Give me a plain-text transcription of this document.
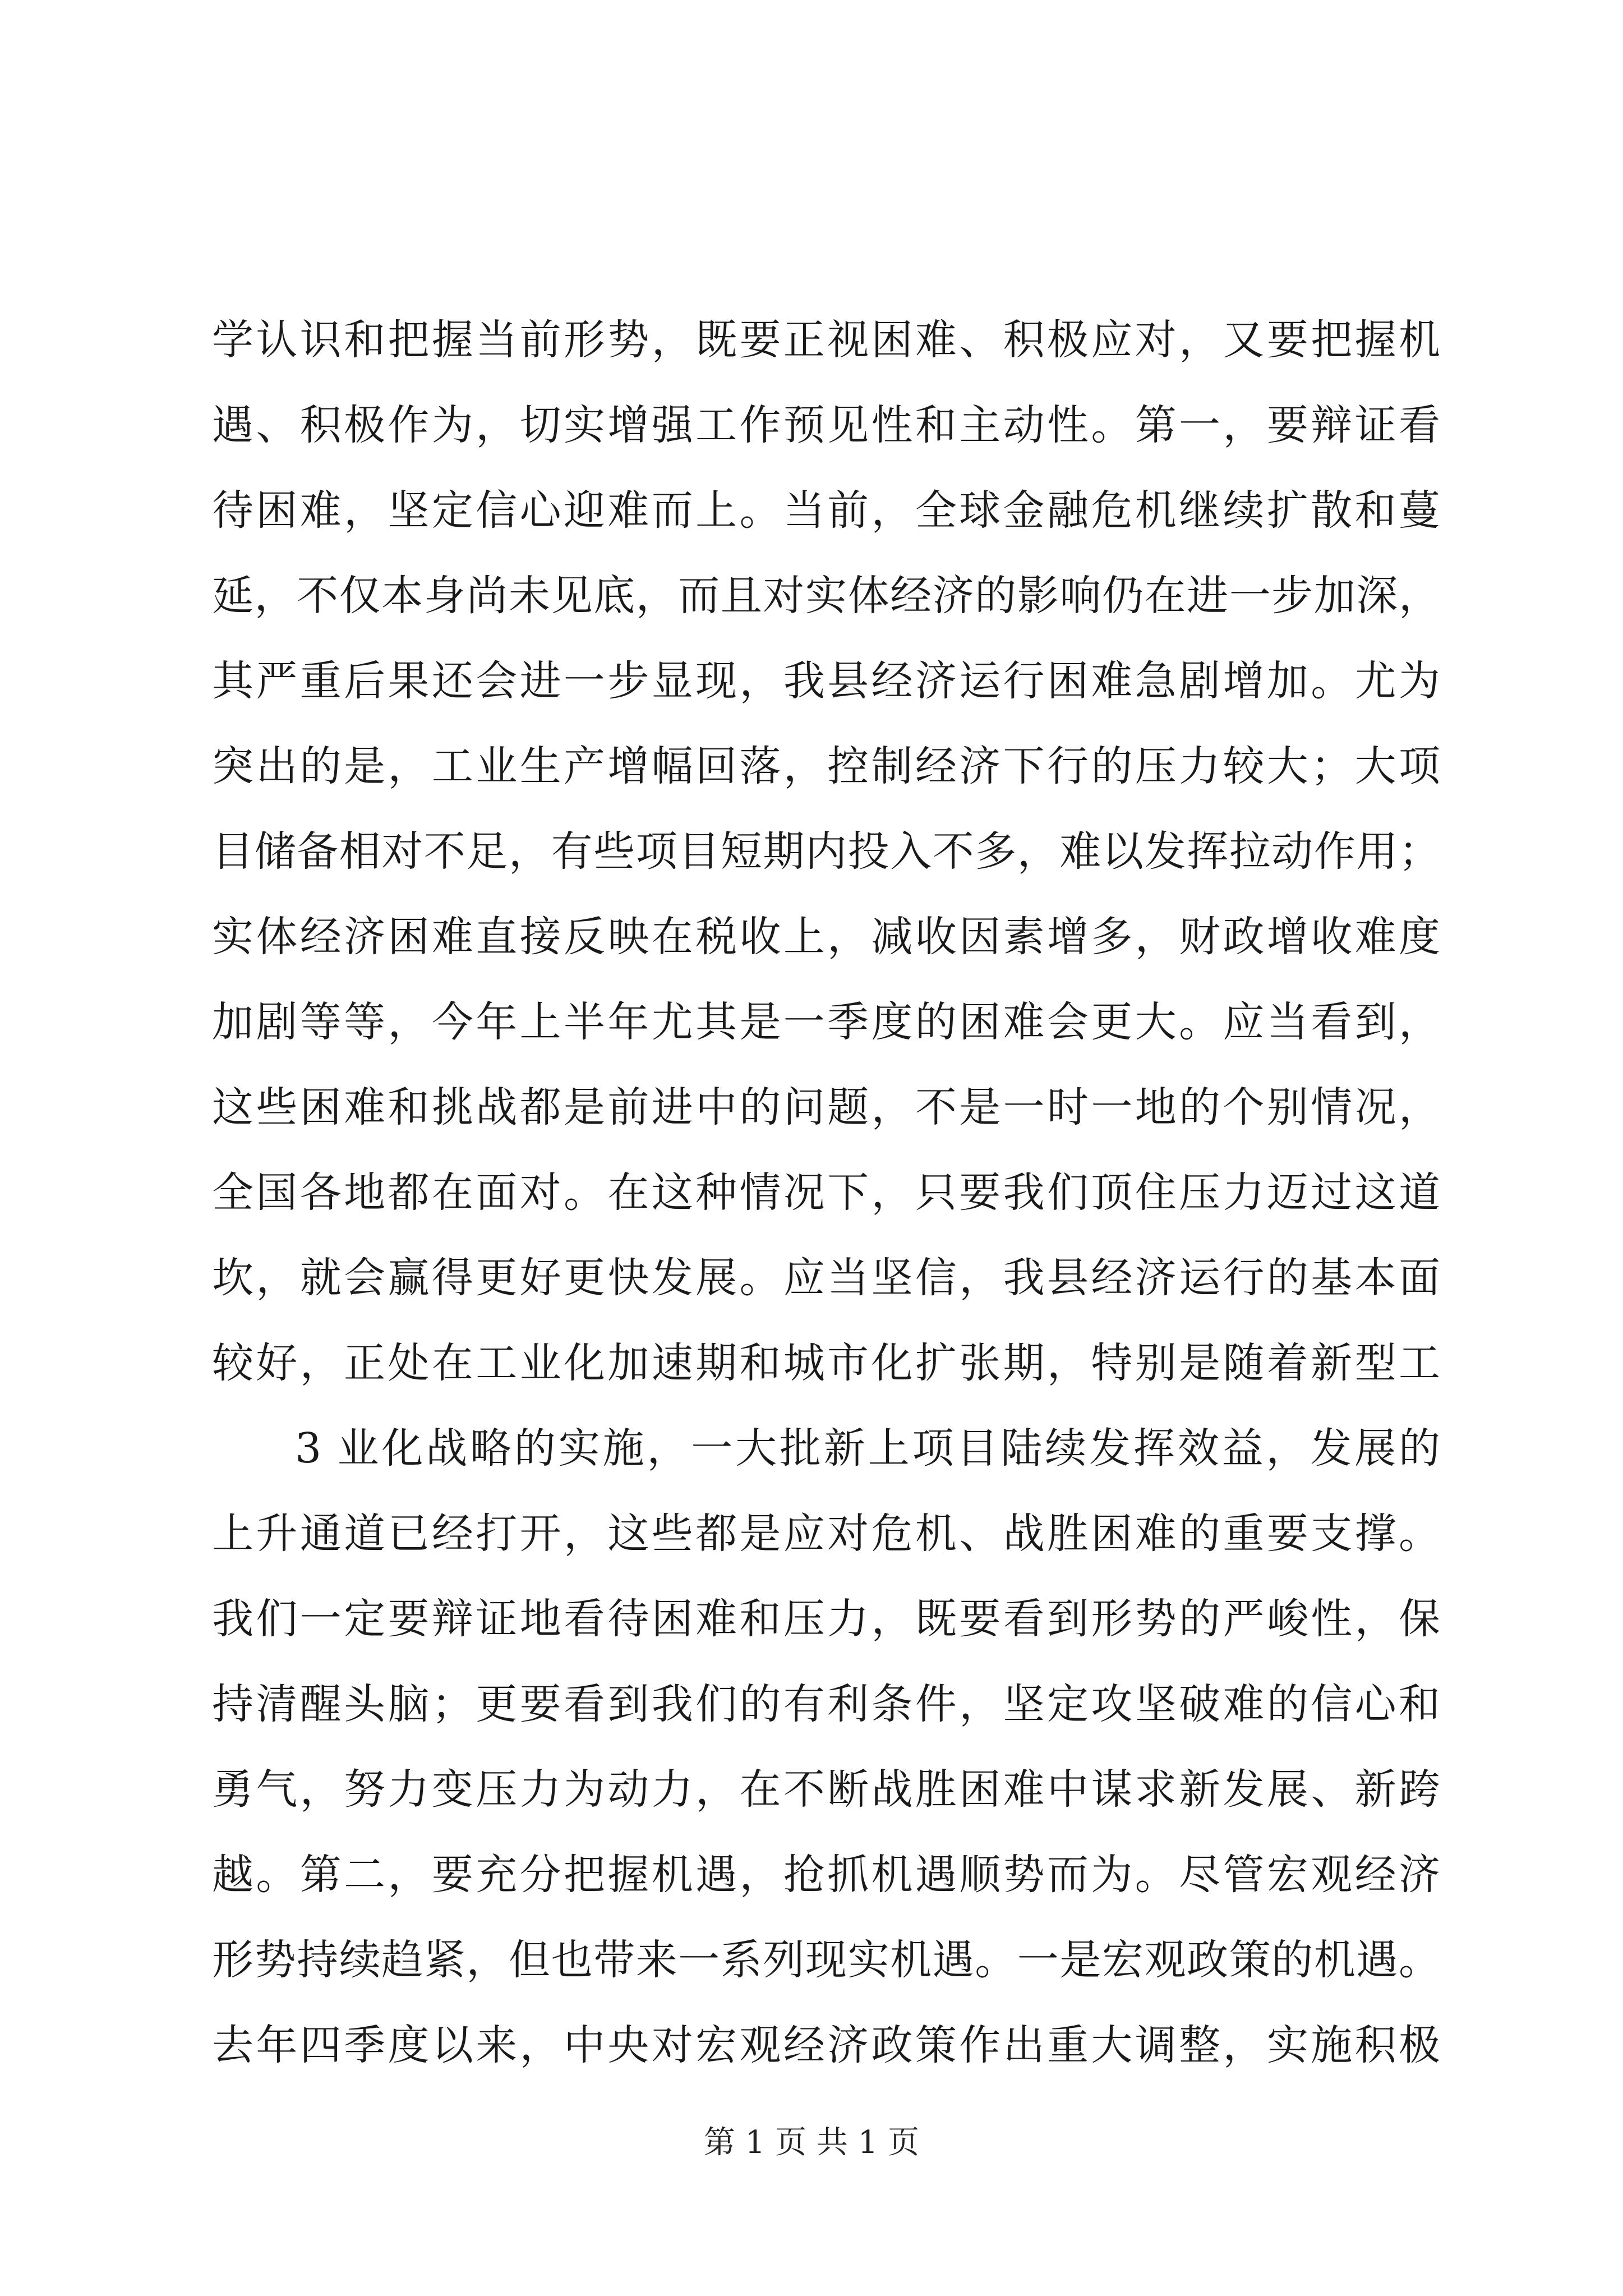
学认识和把握当前形势，既要正视困难、积极应对，又要把握机
遇、积极作为，切实增强工作预见性和主动性。第一，要辩证看
待困难，坚定信心迎难而上。当前，全球金融危机继续扩散和蔓
延，不仅本身尚未见底，而且对实体经济的影响仍在进一步加深，
其严重后果还会进一步显现，我县经济运行困难急剧增加。尤为
突出的是，工业生产增幅回落，控制经济下行的压力较大；大项
目储备相对不足，有些项目短期内投入不多，难以发挥拉动作用；
实体经济困难直接反映在税收上，减收因素增多，财政增收难度
加剧等等，今年上半年尤其是一季度的困难会更大。应当看到，
这些困难和挑战都是前进中的问题，不是一时一地的个别情况，
全国各地都在面对。在这种情况下，只要我们顶住压力迈过这道
坎，就会赢得更好更快发展。应当坚信，我县经济运行的基本面
较好，正处在工业化加速期和城市化扩张期，特别是随着新型工
3 业化战略的实施，一大批新上项目陆续发挥效益，发展的
上升通道已经打开，这些都是应对危机、战胜困难的重要支撑。
我们一定要辩证地看待困难和压力，既要看到形势的严峻性，保
持清醒头脑；更要看到我们的有利条件，坚定攻坚破难的信心和
勇气，努力变压力为动力，在不断战胜困难中谋求新发展、新跨
越。第二，要充分把握机遇，抢抓机遇顺势而为。尽管宏观经济
形势持续趋紧，但也带来一系列现实机遇。一是宏观政策的机遇。
去年四季度以来，中央对宏观经济政策作出重大调整，实施积极
第 1 页 共 1 页
